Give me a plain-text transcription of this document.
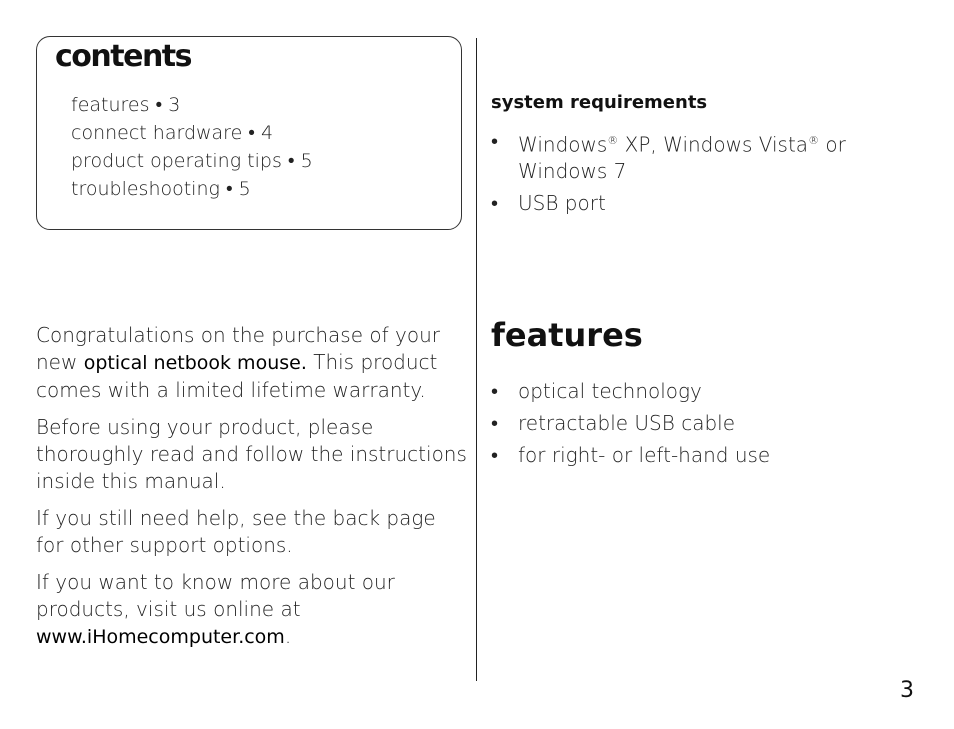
contents
features • 3
connect hardware • 4
product operating tips • 5
troubleshooting • 5

Congratulations on the purchase of your new optical netbook mouse. This product comes with a limited lifetime warranty.

Before using your product, please thoroughly read and follow the instructions inside this manual.

If you still need help, see the back page for other support options.

If you want to know more about our products, visit us online at www.iHomecomputer.com.

system requirements
• Windows® XP, Windows Vista® or Windows 7
• USB port
features
• optical technology
• retractable USB cable
• for right- or left-hand use
3
